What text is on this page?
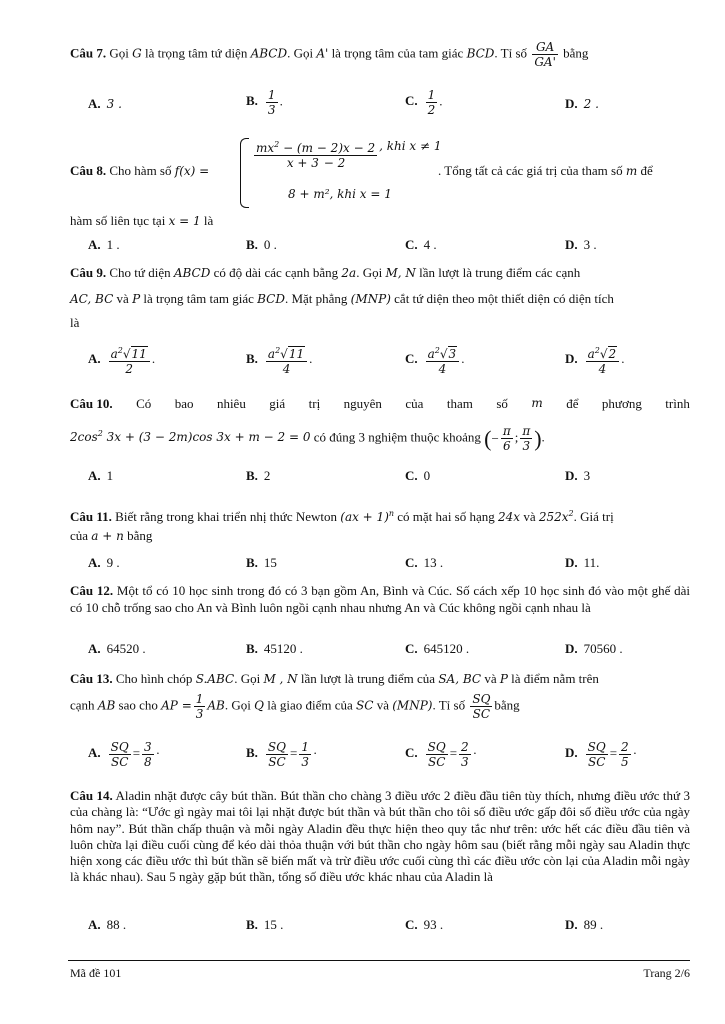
Câu 7. Gọi G là trọng tâm tứ diện ABCD. Gọi A' là trọng tâm của tam giác BCD. Tỉ số $\frac{GA}{GA'}$ bằng
A. 3 .	B. $\frac{1}{3}$ .	C. $\frac{1}{2}$ .	D. 2 .
Câu 8. Cho hàm số f(x) =
$\frac{mx^2 - (m - 2)x - 2}{x + 3 - 2}$ , khi x ≠ 1
8 + m², khi x = 1
. Tổng tất cả các giá trị của tham số m để
hàm số liên tục tại x = 1 là
A. 1 .	B. 0 .	C. 4 .	D. 3 .
Câu 9. Cho tứ diện ABCD có độ dài các cạnh bằng 2a. Gọi M, N lần lượt là trung điểm các cạnh
AC, BC và P là trọng tâm tam giác BCD. Mặt phẳng (MNP) cắt tứ diện theo một thiết diện có diện tích
là
A. $\frac{a^2√11}{2}$ .	B. $\frac{a^2√11}{4}$ .	C. $\frac{a^2√3}{4}$ .	D. $\frac{a^2√2}{4}$ .
Câu 10. Có bao nhiêu giá trị nguyên của tham số m để phương trình
$2\cos^2$ 3x + (3 − 2m)cos 3x + m − 2 = 0 có đúng 3 nghiệm thuộc khoảng (− $\frac{\pi}{6}$ ; $\frac{\pi}{3}$ ).
A. 1	B. 2	C. 0	D. 3
Câu 11. Biết rằng trong khai triển nhị thức Newton (ax + 1)$^n$ có mặt hai số hạng 24x và $252x^2$. Giá trị
của a + n bằng
A. 9 .	B. 15	C. 13 .	D. 11.
Câu 12. Một tổ có 10 học sinh trong đó có 3 bạn gồm An, Bình và Cúc. Số cách xếp 10 học sinh đó vào một ghế dài có 10 chỗ trống sao cho An và Bình luôn ngồi cạnh nhau nhưng An và Cúc không ngồi cạnh nhau là
A. 64520 .	B. 45120 .	C. 645120 .	D. 70560 .
Câu 13. Cho hình chóp S.ABC. Gọi M , N lần lượt là trung điểm của SA, BC và P là điểm nằm trên
cạnh AB sao cho AP = $\frac{1}{3}$ AB. Gọi Q là giao điểm của SC và (MNP). Tỉ số $\frac{SQ}{SC}$ bằng
A. $\frac{SQ}{SC} = \frac{3}{8}$ ·	B. $\frac{SQ}{SC} = \frac{1}{3}$ ·	C. $\frac{SQ}{SC} = \frac{2}{3}$ ·	D. $\frac{SQ}{SC} = \frac{2}{5}$ ·
Câu 14. Aladin nhặt được cây bút thần. Bút thần cho chàng 3 điều ước 2 điều đầu tiên tùy thích, nhưng điều ước thứ 3 của chàng là: “Ước gì ngày mai tôi lại nhặt được bút thần và bút thần cho tôi số điều ước gấp đôi số điều ước của ngày hôm nay”. Bút thần chấp thuận và mỗi ngày Aladin đều thực hiện theo quy tắc như trên: ước hết các điều đầu tiên và luôn chừa lại điều cuối cùng để kéo dài thỏa thuận với bút thần cho ngày hôm sau (biết rằng mỗi ngày sau Aladin thực hiện xong các điều ước thì bút thần sẽ biến mất và trừ điều ước cuối cùng thì các điều ước còn lại của Aladin mỗi ngày là khác nhau). Sau 5 ngày gặp bút thần, tổng số điều ước khác nhau của Aladin là
A. 88 .	B. 15 .	C. 93 .	D. 89 .
Mã đề 101	Trang 2/6
